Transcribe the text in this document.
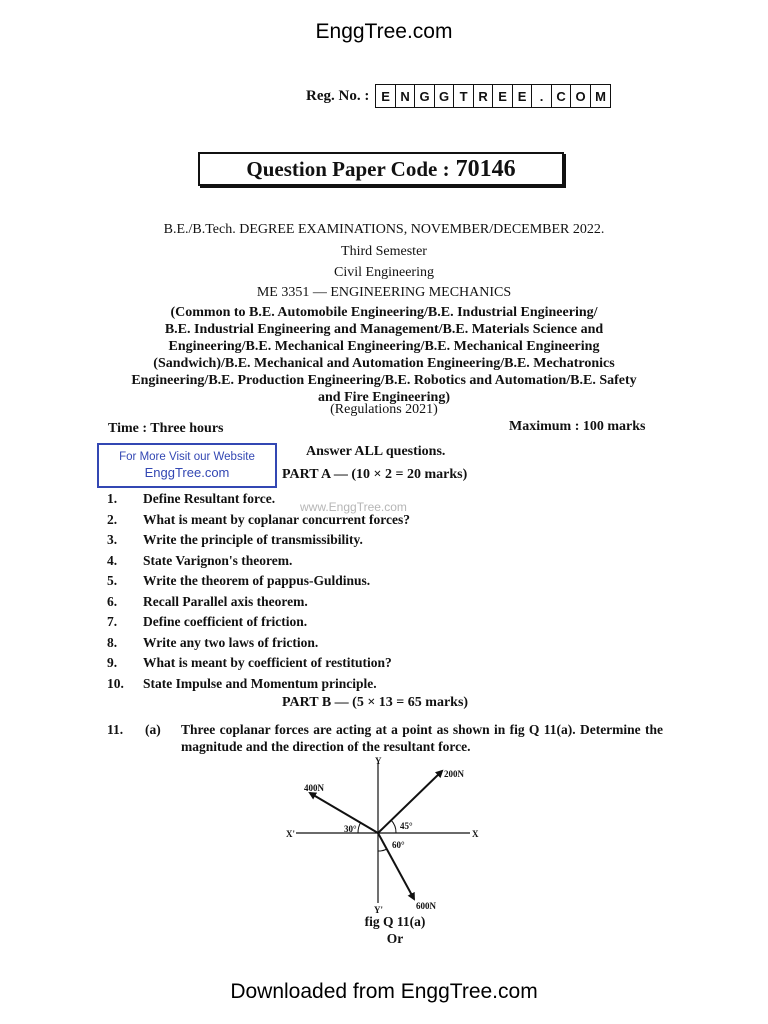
EnggTree.com
Reg. No. : E N G G T R E E	. C O M
Question Paper Code : 70146
B.E./B.Tech. DEGREE EXAMINATIONS, NOVEMBER/DECEMBER 2022.
Third Semester
Civil Engineering
ME 3351 — ENGINEERING MECHANICS
(Common to B.E. Automobile Engineering/B.E. Industrial Engineering/
B.E. Industrial Engineering and Management/B.E. Materials Science and
Engineering/B.E. Mechanical Engineering/B.E. Mechanical Engineering
(Sandwich)/B.E. Mechanical and Automation Engineering/B.E. Mechatronics
Engineering/B.E. Production Engineering/B.E. Robotics and Automation/B.E. Safety
and Fire Engineering)
(Regulations 2021)
Time : Three hours	Maximum : 100 marks
For More Visit our Website
EnggTree.com
Answer ALL questions.
PART A — (10 × 2 = 20 marks)
www.EnggTree.com
1.	Define Resultant force.
2.	What is meant by coplanar concurrent forces?
3.	Write the principle of transmissibility.
4.	State Varignon's theorem.
5.	Write the theorem of pappus-Guldinus.
6.	Recall Parallel axis theorem.
7.	Define coefficient of friction.
8.	Write any two laws of friction.
9.	What is meant by coefficient of restitution?
10.	State Impulse and Momentum principle.
PART B — (5 × 13 = 65 marks)
11.	(a)	Three coplanar forces are acting at a point as shown in fig Q 11(a). Determine the magnitude and the direction of the resultant force.
Y
Y'
X'	X
400N
200N
600N
30°	45°
60°
fig Q 11(a)
Or
Downloaded from EnggTree.com
